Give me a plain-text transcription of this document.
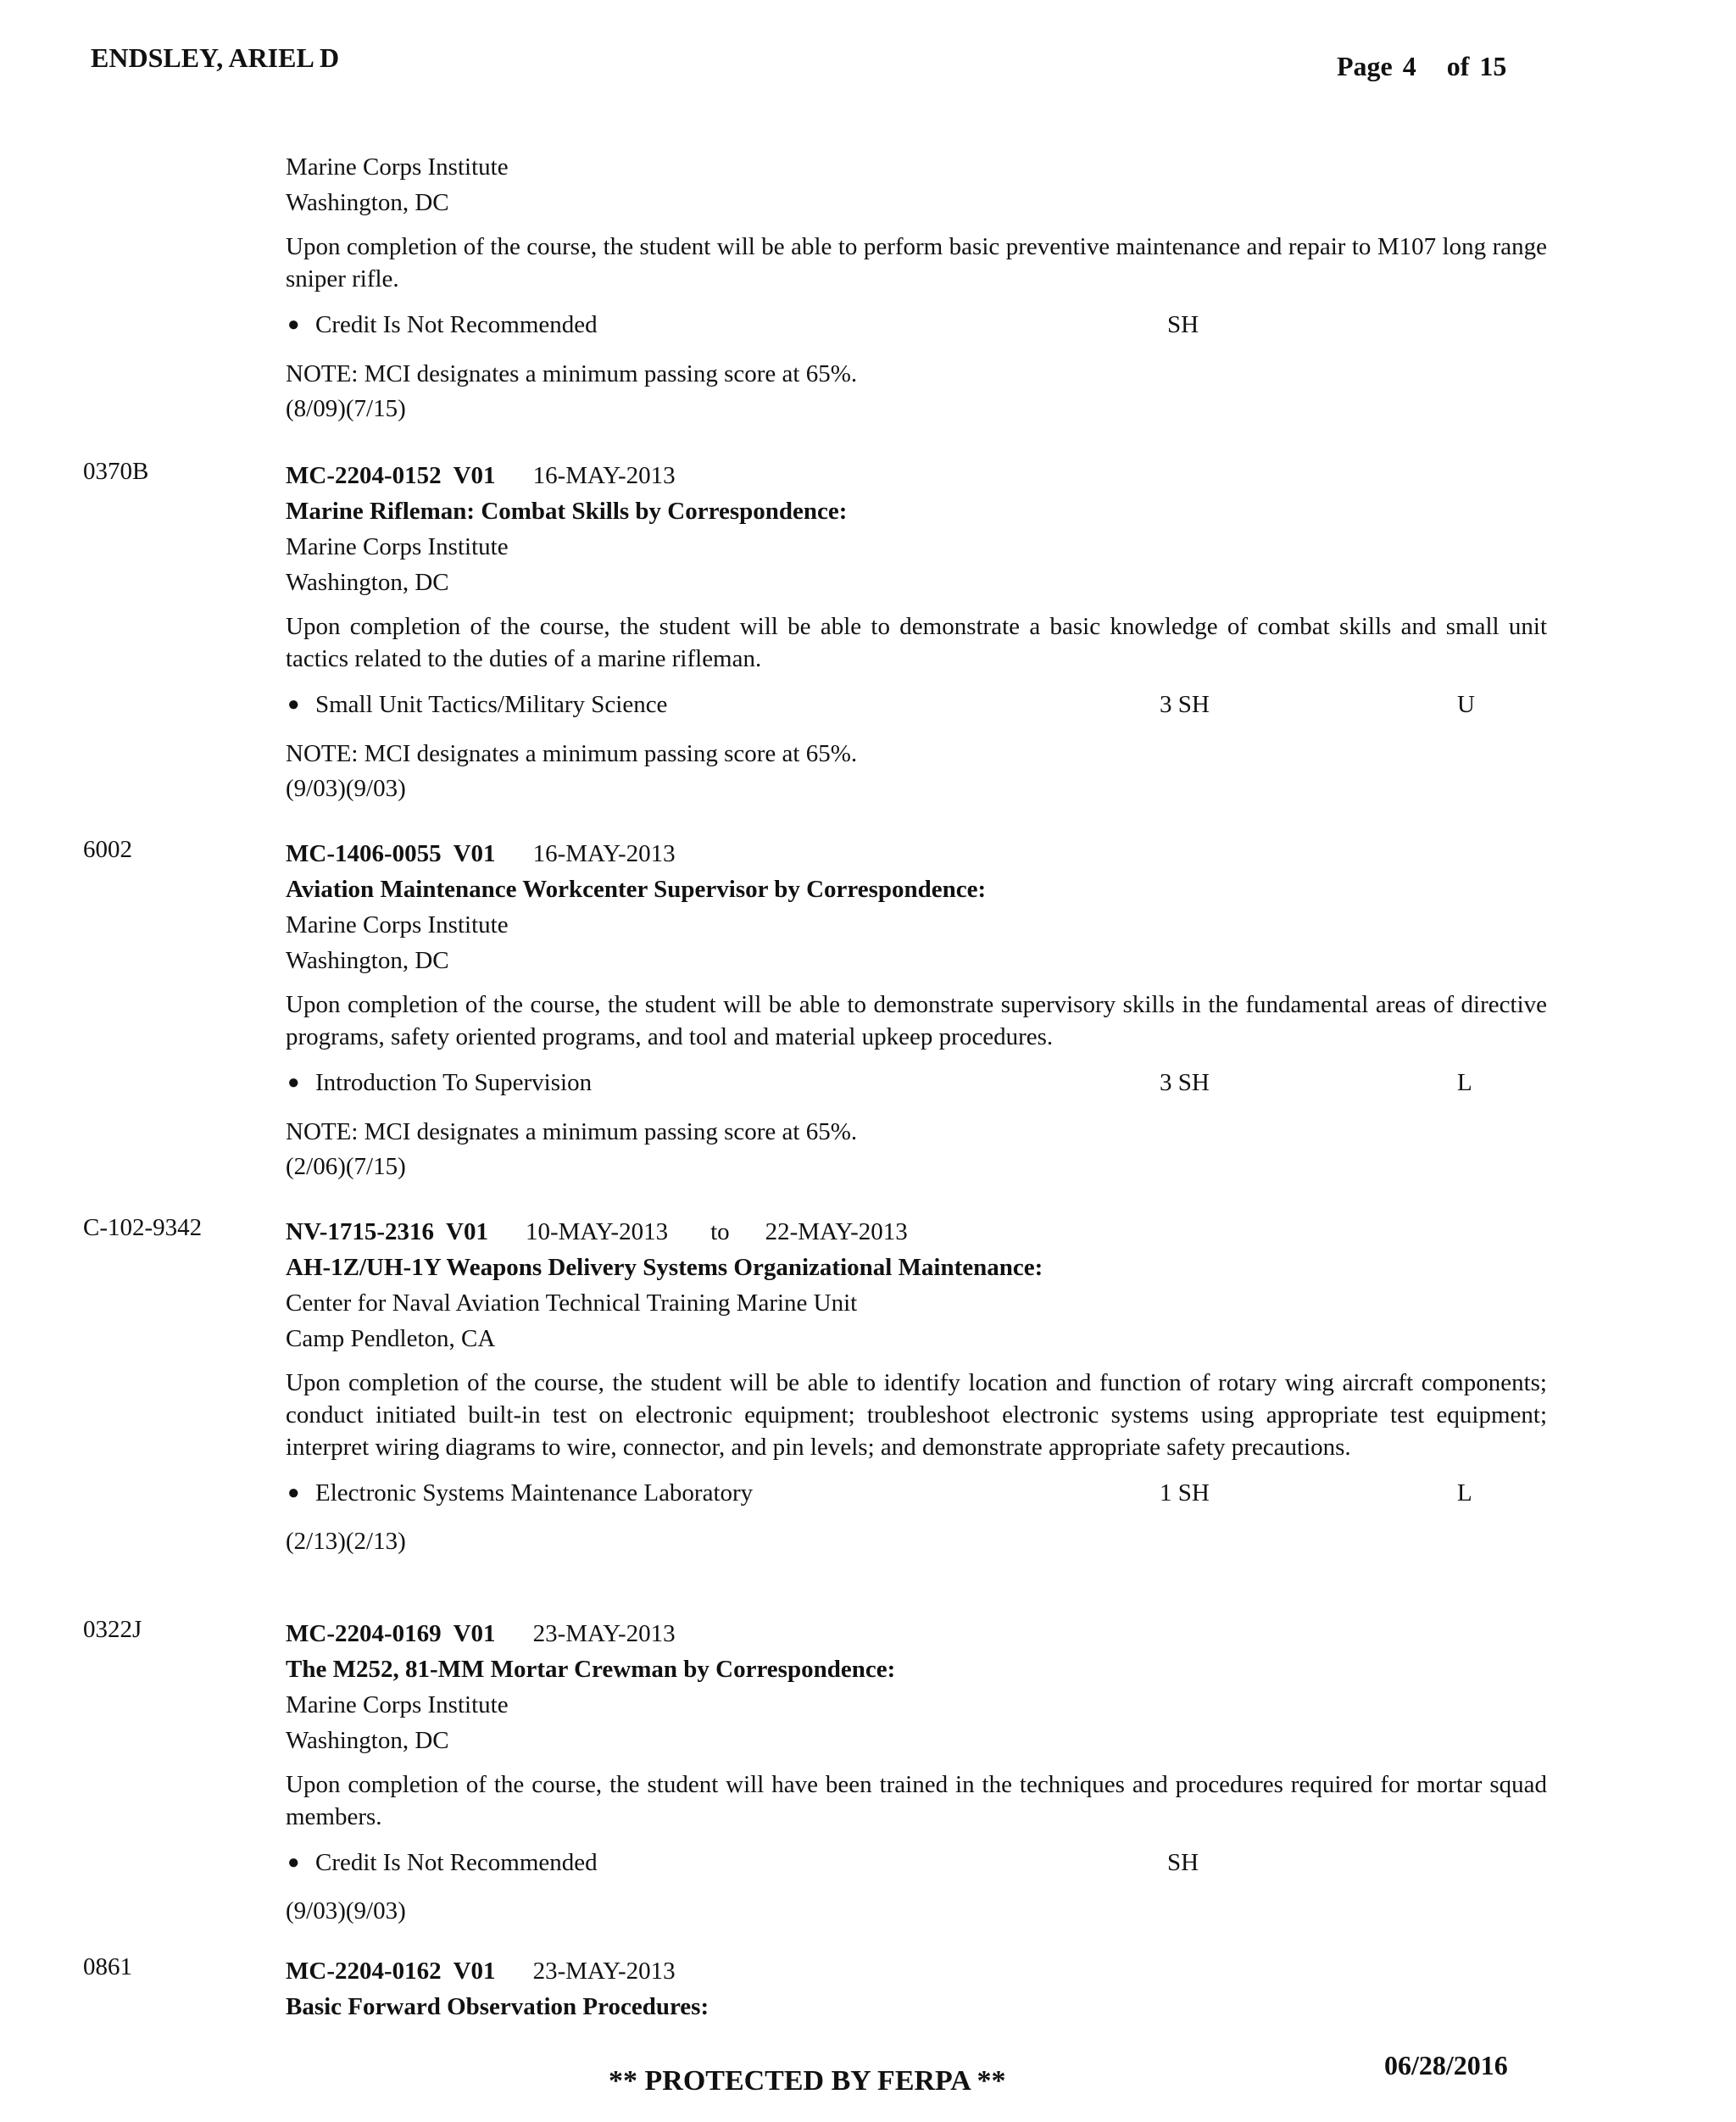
ENDSLEY, ARIEL D	Page 4 of 15
Marine Corps Institute
Washington, DC
Upon completion of the course, the student will be able to perform basic preventive maintenance and repair to M107 long range sniper rifle.
● Credit Is Not Recommended	SH
NOTE: MCI designates a minimum passing score at 65%.
(8/09)(7/15)
0370B	MC-2204-0152  V01 16-MAY-2013
Marine Rifleman: Combat Skills by Correspondence:
Marine Corps Institute
Washington, DC
Upon completion of the course, the student will be able to demonstrate a basic knowledge of combat skills and small unit tactics related to the duties of a marine rifleman.
● Small Unit Tactics/Military Science	3 SH	U
NOTE: MCI designates a minimum passing score at 65%.
(9/03)(9/03)
6002	MC-1406-0055  V01 16-MAY-2013
Aviation Maintenance Workcenter Supervisor by Correspondence:
Marine Corps Institute
Washington, DC
Upon completion of the course, the student will be able to demonstrate supervisory skills in the fundamental areas of directive programs, safety oriented programs, and tool and material upkeep procedures.
● Introduction To Supervision	3 SH	L
NOTE: MCI designates a minimum passing score at 65%.
(2/06)(7/15)
C-102-9342	NV-1715-2316  V01 10-MAY-2013 to 22-MAY-2013
AH-1Z/UH-1Y Weapons Delivery Systems Organizational Maintenance:
Center for Naval Aviation Technical Training Marine Unit
Camp Pendleton, CA
Upon completion of the course, the student will be able to identify location and function of rotary wing aircraft components; conduct initiated built-in test on electronic equipment; troubleshoot electronic systems using appropriate test equipment; interpret wiring diagrams to wire, connector, and pin levels; and demonstrate appropriate safety precautions.
● Electronic Systems Maintenance Laboratory	1 SH	L
(2/13)(2/13)
0322J	MC-2204-0169  V01 23-MAY-2013
The M252, 81-MM Mortar Crewman by Correspondence:
Marine Corps Institute
Washington, DC
Upon completion of the course, the student will have been trained in the techniques and procedures required for mortar squad members.
● Credit Is Not Recommended	SH
(9/03)(9/03)
0861	MC-2204-0162  V01 23-MAY-2013
Basic Forward Observation Procedures:
06/28/2016
** PROTECTED BY FERPA **
